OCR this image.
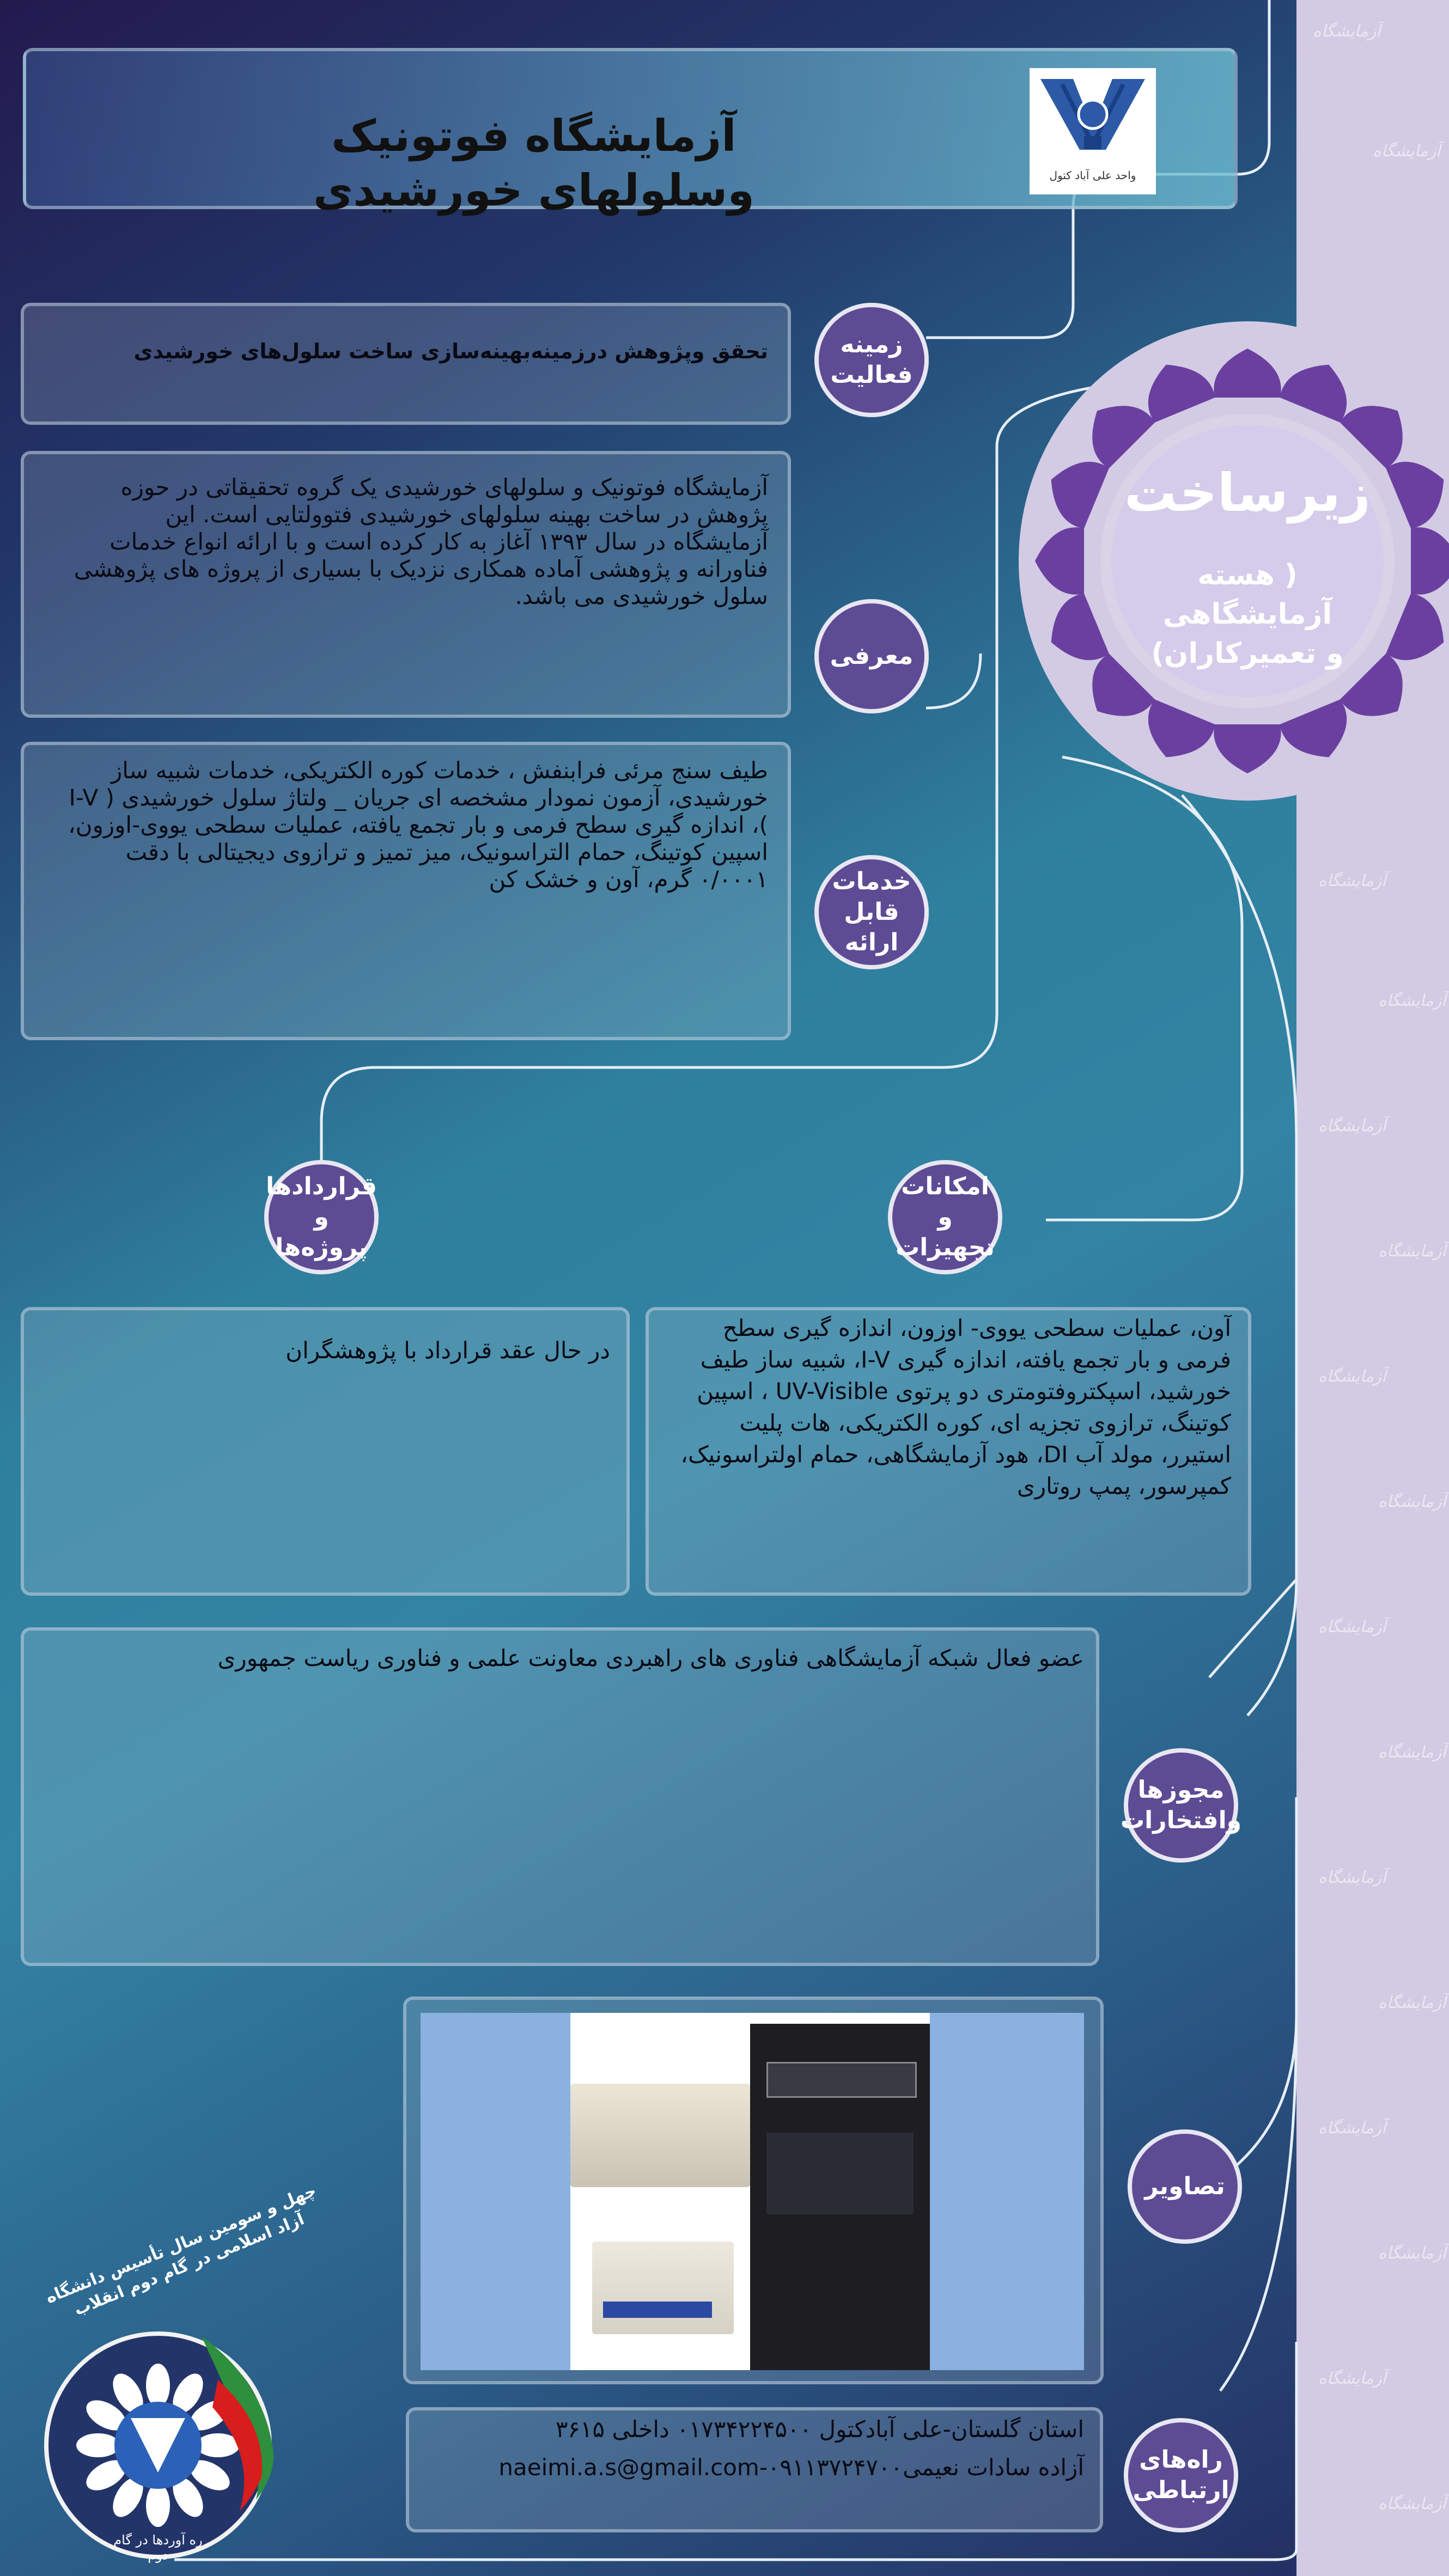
آزمایشگاه
آزمایشگاه
آزمایشگاه
آزمایشگاه
آزمایشگاه
آزمایشگاه
آزمایشگاه
آزمایشگاه
آزمایشگاه
آزمایشگاه
آزمایشگاه
آزمایشگاه
آزمایشگاه
آزمایشگاه
آزمایشگاه
آزمایشگاه
آزمایشگاه فوتونیک وسلولهای خورشیدی	واحد علی آباد کتول
زیرساخت
( هسته آزمایشگاهی
و تعمیرکاران)
تحقق وپژوهش درزمینه‌بهینه‌سازی ساخت سلول‌های خورشیدی	زمینه
فعالیت
آزمایشگاه فوتونیک و سلولهای خورشیدی یک گروه تحقیقاتی در حوزه پژوهش در ساخت بهینه سلولهای خورشیدی فتوولتایی است. این آزمایشگاه در سال ۱۳۹۳ آغاز به کار کرده است و با ارائه انواع خدمات فناورانه و پژوهشی آماده همکاری نزدیک با بسیاری از پروژه های پژوهشی سلول خورشیدی می باشد.
معرفی
طیف سنج مرئی فرابنفش ، خدمات کوره الکتریکی، خدمات شبیه ساز خورشیدی، آزمون نمودار مشخصه ای جریان _ ولتاژ سلول خورشیدی ( I-V )، اندازه گیری سطح فرمی و بار تجمع یافته، عملیات سطحی یووی-اوزون، اسپین کوتینگ، حمام التراسونیک، میز تمیز و ترازوی دیجیتالی با دقت ۰/۰۰۰۱ گرم، آون و خشک کن	خدمات
قابل ارائه
قراردادها و
پروژه‌ها
امکانات و
تجهیزات
در حال عقد قرارداد با پژوهشگران
آون، عملیات سطحی یووی- اوزون، اندازه گیری سطح فرمی و بار تجمع یافته، اندازه گیری I-V، شبیه ساز طیف خورشید، اسپکتروفتومتری دو پرتوی UV-Visible ، اسپین کوتینگ، ترازوی تجزیه ای، کوره الکتریکی، هات پلیت استیرر، مولد آب DI، هود آزمایشگاهی، حمام اولتراسونیک، کمپرسور، پمپ روتاری
عضو فعال شبکه آزمایشگاهی فناوری های راهبردی معاونت علمی و فناوری ریاست جمهوری
مجوزها
وافتخارات
تصاویر
استان گلستان-علی آبادکتول ۰۱۷۳۴۲۲۴۵۰۰ داخلی ۳۶۱۵
آزاده سادات نعیمی۰۹۱۱۳۷۲۴۷۰۰-naeimi.a.s@gmail.com راه‌های
ارتباطی
چهل و سومین سال تأسیس دانشگاه آزاد اسلامی در گام دوم انقلاب
ره آوردها در گام دوم
